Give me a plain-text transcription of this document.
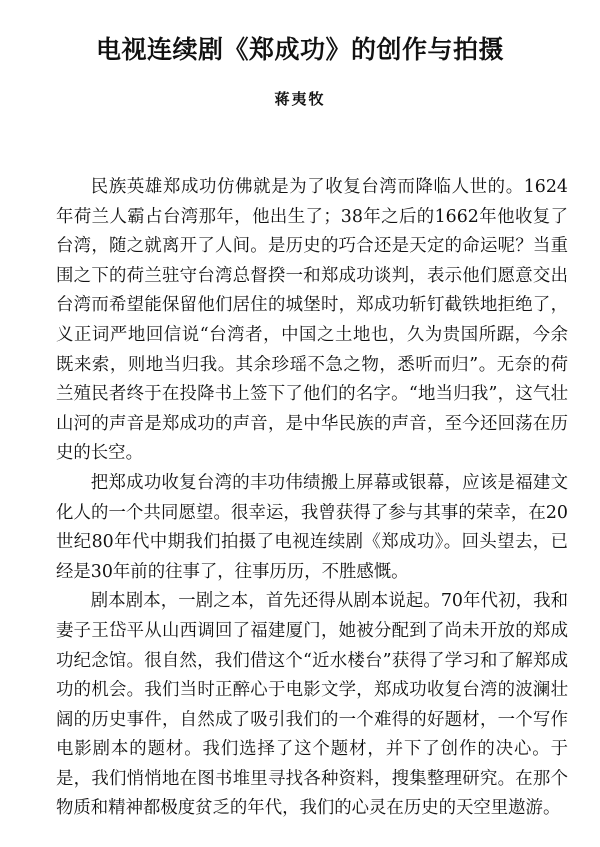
电视连续剧《郑成功》的创作与拍摄
蒋夷牧

民族英雄郑成功仿佛就是为了收复台湾而降临人世的。1624年荷兰人霸占台湾那年，他出生了；38年之后的1662年他收复了台湾，随之就离开了人间。是历史的巧合还是天定的命运呢？当重围之下的荷兰驻守台湾总督揆一和郑成功谈判，表示他们愿意交出台湾而希望能保留他们居住的城堡时，郑成功斩钉截铁地拒绝了，义正词严地回信说“台湾者，中国之土地也，久为贵国所踞，今余既来索，则地当归我。其余珍瑶不急之物，悉听而归”。无奈的荷兰殖民者终于在投降书上签下了他们的名字。“地当归我”，这气壮山河的声音是郑成功的声音，是中华民族的声音，至今还回荡在历史的长空。

把郑成功收复台湾的丰功伟绩搬上屏幕或银幕，应该是福建文化人的一个共同愿望。很幸运，我曾获得了参与其事的荣幸，在20世纪80年代中期我们拍摄了电视连续剧《郑成功》。回头望去，已经是30年前的往事了，往事历历，不胜感慨。

剧本剧本，一剧之本，首先还得从剧本说起。70年代初，我和妻子王岱平从山西调回了福建厦门，她被分配到了尚未开放的郑成功纪念馆。很自然，我们借这个“近水楼台”获得了学习和了解郑成功的机会。我们当时正醉心于电影文学，郑成功收复台湾的波澜壮阔的历史事件，自然成了吸引我们的一个难得的好题材，一个写作电影剧本的题材。我们选择了这个题材，并下了创作的决心。于是，我们悄悄地在图书堆里寻找各种资料，搜集整理研究。在那个物质和精神都极度贫乏的年代，我们的心灵在历史的天空里遨游。
